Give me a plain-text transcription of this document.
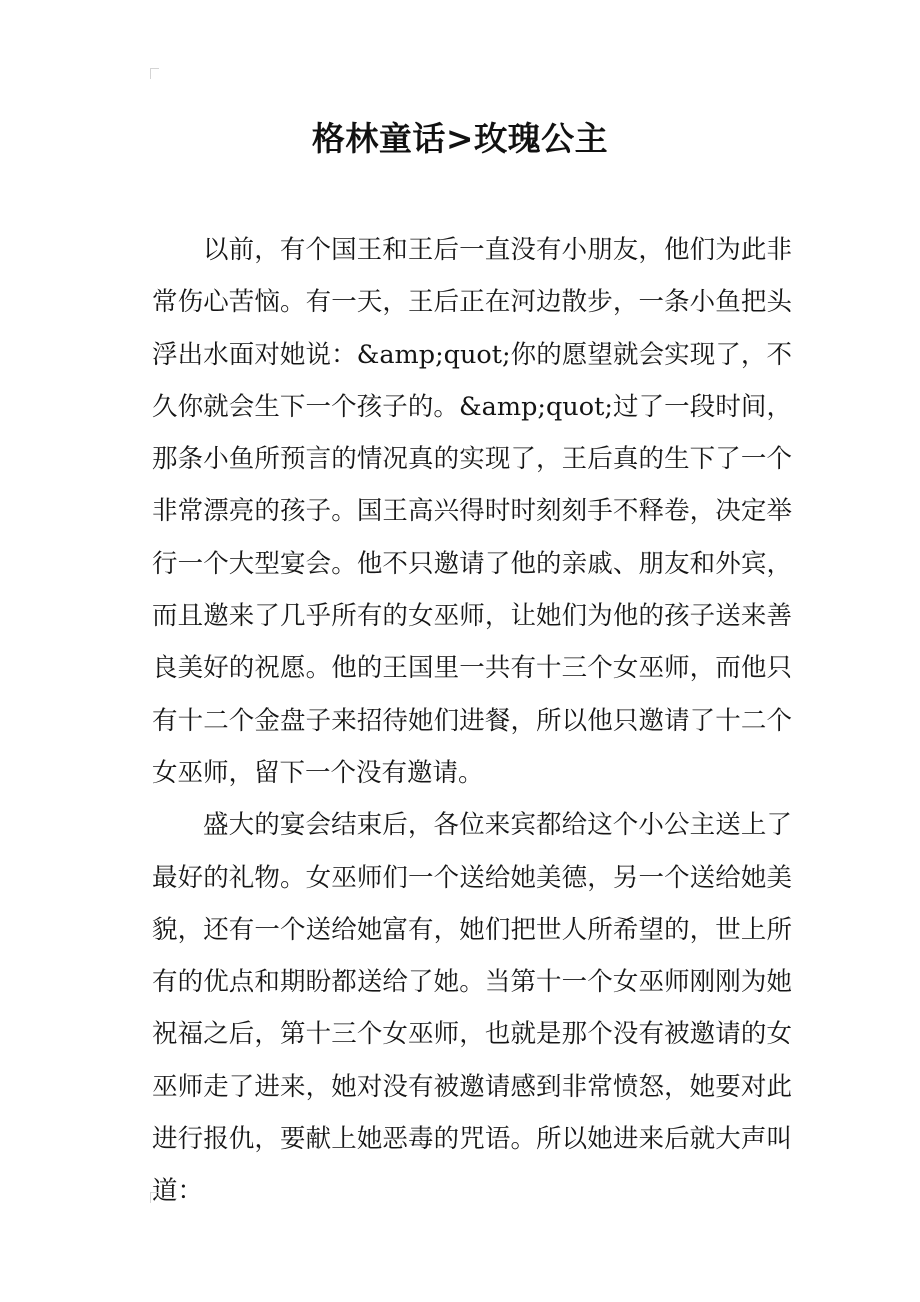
格林童话>玫瑰公主

以前，有个国王和王后一直没有小朋友，他们为此非常伤心苦恼。有一天，王后正在河边散步，一条小鱼把头浮出水面对她说：&amp;quot;你的愿望就会实现了，不久你就会生下一个孩子的。&amp;quot;过了一段时间，那条小鱼所预言的情况真的实现了，王后真的生下了一个非常漂亮的孩子。国王高兴得时时刻刻手不释卷，决定举行一个大型宴会。他不只邀请了他的亲戚、朋友和外宾，而且邀来了几乎所有的女巫师，让她们为他的孩子送来善良美好的祝愿。他的王国里一共有十三个女巫师，而他只有十二个金盘子来招待她们进餐，所以他只邀请了十二个女巫师，留下一个没有邀请。

盛大的宴会结束后，各位来宾都给这个小公主送上了最好的礼物。女巫师们一个送给她美德，另一个送给她美貌，还有一个送给她富有，她们把世人所希望的，世上所有的优点和期盼都送给了她。当第十一个女巫师刚刚为她祝福之后，第十三个女巫师，也就是那个没有被邀请的女巫师走了进来，她对没有被邀请感到非常愤怒，她要对此进行报仇，要献上她恶毒的咒语。所以她进来后就大声叫道：
